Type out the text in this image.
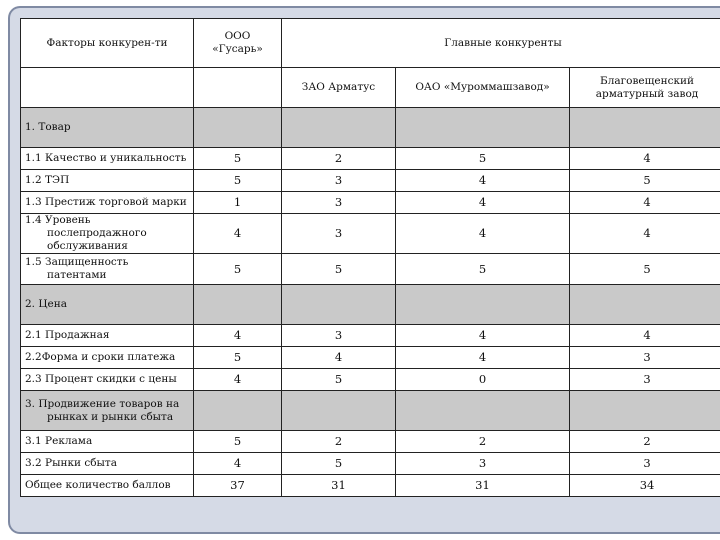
Факторы конкурен-ти	ООО «Гусарь»	Главные конкуренты		
		ЗАО Арматус	ОАО «Муроммашзавод»	Благовещенский арматурный завод

1. Товар				

1.1 Качество и уникальность	5	2	5	4

1.2 ТЭП	5	3	4	5

1.3 Престиж торговой марки	1	3	4	4

1.4 Уровень послепродажного обслуживания	4	3	4	4

1.5 Защищенность патентами	5	5	5	5

2. Цена				

2.1 Продажная	4	3	4	4

2.2Форма и сроки платежа	5	4	4	3

2.3 Процент скидки с цены	4	5	0	3

3. Продвижение товаров на рынках и рынки сбыта				

3.1 Реклама	5	2	2	2

3.2 Рынки сбыта	4	5	3	3

Общее количество баллов	37	31	31	34
